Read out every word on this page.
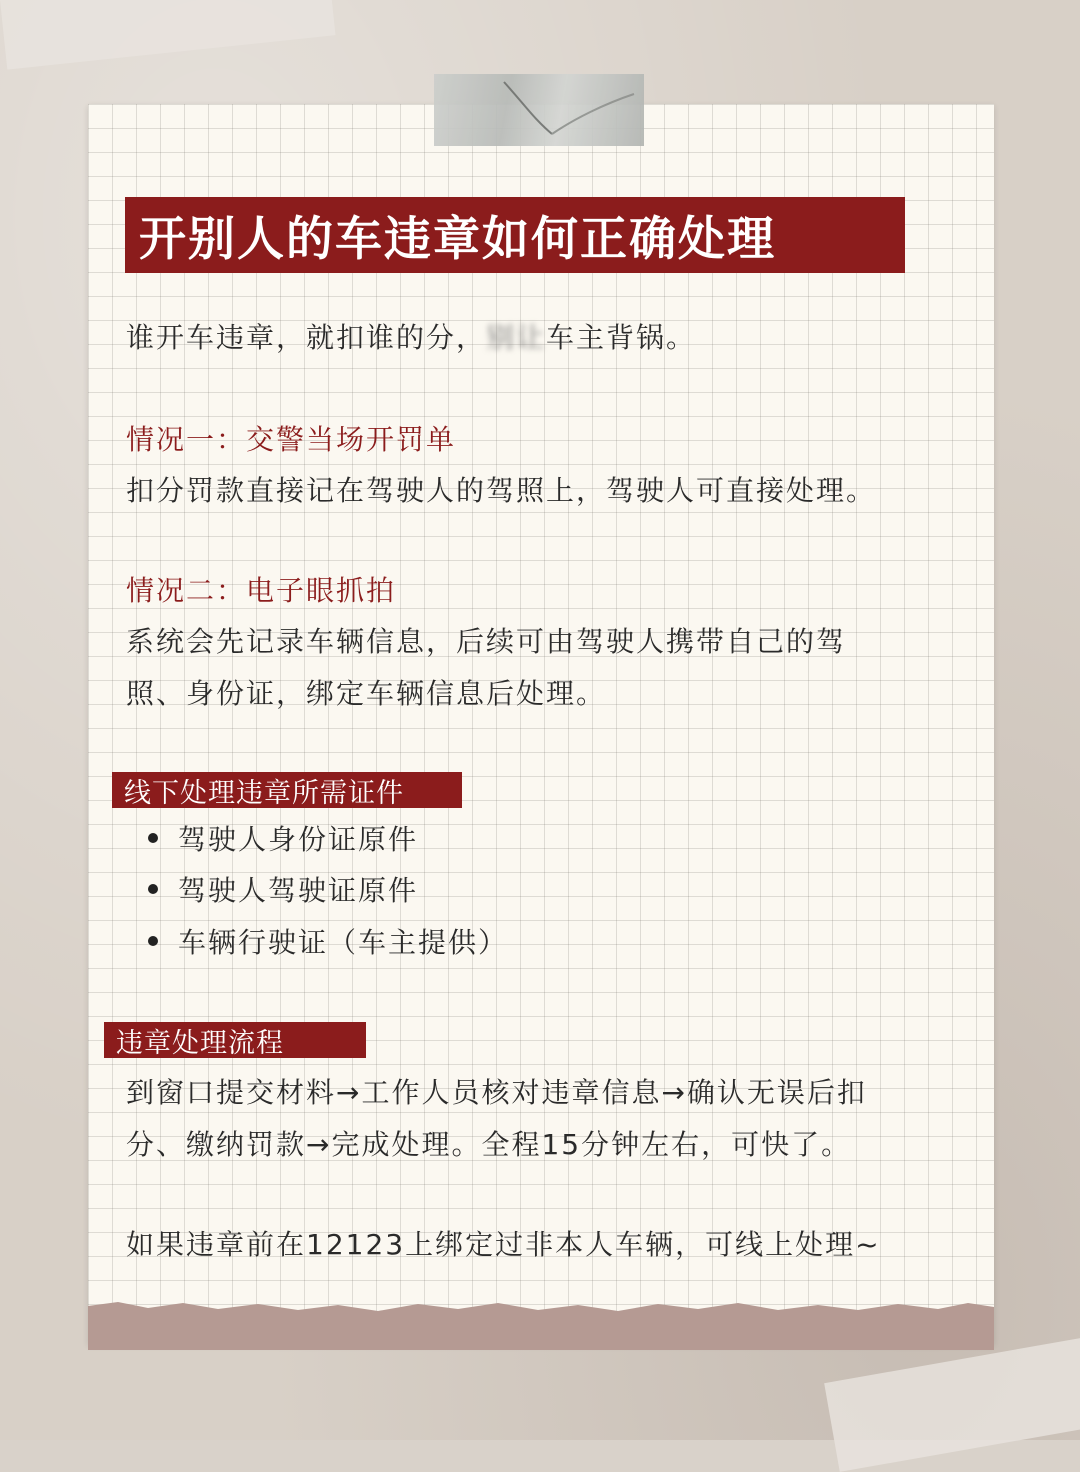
开别人的车违章如何正确处理
谁开车违章，就扣谁的分，别让车主背锅。
情况一：交警当场开罚单
扣分罚款直接记在驾驶人的驾照上，驾驶人可直接处理。
情况二：电子眼抓拍
系统会先记录车辆信息，后续可由驾驶人携带自己的驾
照、身份证，绑定车辆信息后处理。
线下处理违章所需证件
驾驶人身份证原件
驾驶人驾驶证原件
车辆行驶证（车主提供）
违章处理流程
到窗口提交材料→工作人员核对违章信息→确认无误后扣
分、缴纳罚款→完成处理。全程15分钟左右，可快了。
如果违章前在12123上绑定过非本人车辆，可线上处理~
